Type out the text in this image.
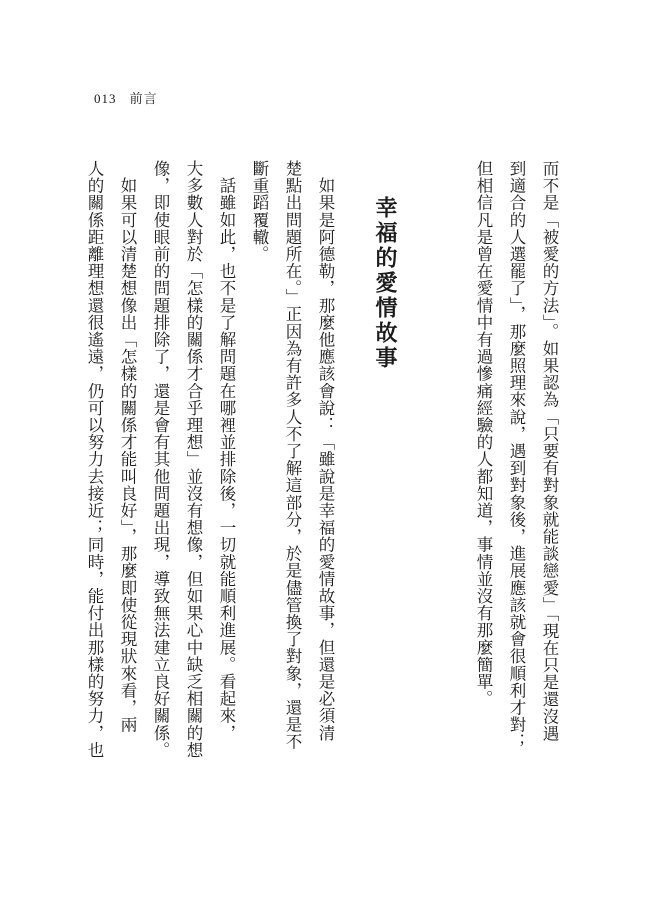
013 前言

而不是「被愛的方法」。如果認為「只要有對象就能談戀愛」「現在只是還沒遇

到適合的人選罷了」，那麼照理來說，遇到對象後，進展應該就會很順利才對；

但相信凡是曾在愛情中有過慘痛經驗的人都知道，事情並沒有那麼簡單。

幸福的愛情故事

　如果是阿德勒，那麼他應該會說：「雖說是幸福的愛情故事，但還是必須清

楚點出問題所在。」正因為有許多人不了解這部分，於是儘管換了對象，還是不

斷重蹈覆轍。

　話雖如此，也不是了解問題在哪裡並排除後，一切就能順利進展。看起來，

大多數人對於「怎樣的關係才合乎理想」並沒有想像，但如果心中缺乏相關的想

像，即使眼前的問題排除了，還是會有其他問題出現，導致無法建立良好關係。

　如果可以清楚想像出「怎樣的關係才能叫良好」，那麼即使從現狀來看，兩

人的關係距離理想還很遙遠，仍可以努力去接近；同時，能付出那樣的努力，也
